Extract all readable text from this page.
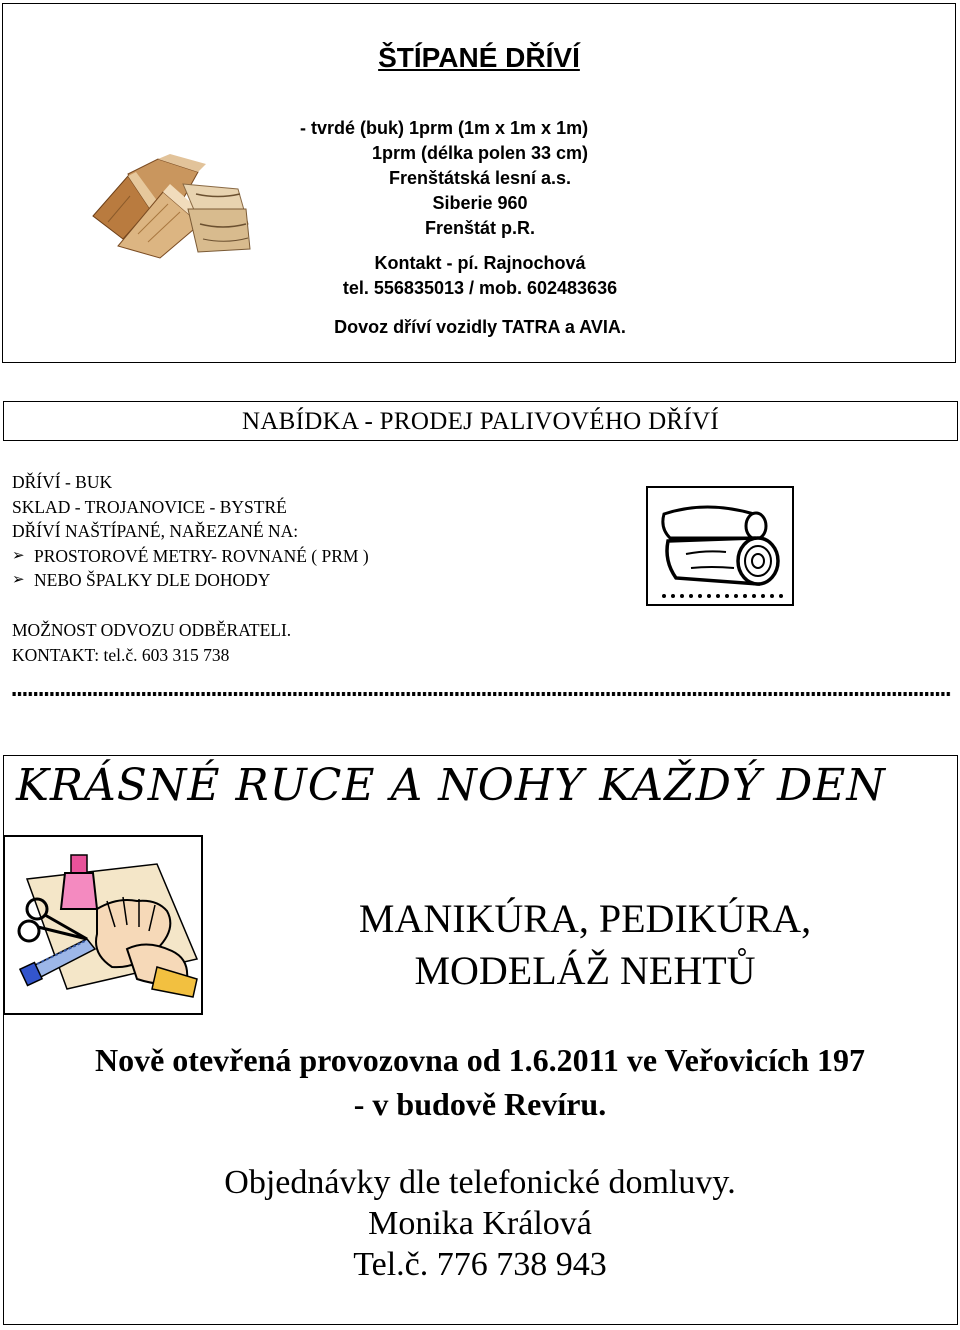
ŠTÍPANÉ DŘÍVÍ
- tvrdé (buk) 1prm (1m x 1m x 1m)
1prm (délka polen 33 cm)
Frenštátská lesní a.s.
Siberie 960
Frenštát p.R.
Kontakt - pí. Rajnochová
tel. 556835013 / mob. 602483636
Dovoz dříví vozidly TATRA a AVIA.
NABÍDKA - PRODEJ PALIVOVÉHO DŘÍVÍ
DŘÍVÍ - BUK
SKLAD - TROJANOVICE - BYSTRÉ
DŘÍVÍ NAŠTÍPANÉ, NAŘEZANÉ NA:
➢ PROSTOROVÉ METRY- ROVNANÉ ( PRM )
➢ NEBO ŠPALKY DLE DOHODY
MOŽNOST ODVOZU ODBĚRATELI.
KONTAKT: tel.č. 603 315 738
KRÁSNÉ RUCE A NOHY KAŽDÝ DEN
MANIKÚRA, PEDIKÚRA,
MODELÁŽ NEHTŮ
Nově otevřená provozovna od 1.6.2011 ve Veřovicích 197
- v budově Revíru.
Objednávky dle telefonické domluvy.
Monika Králová
Tel.č. 776 738 943
